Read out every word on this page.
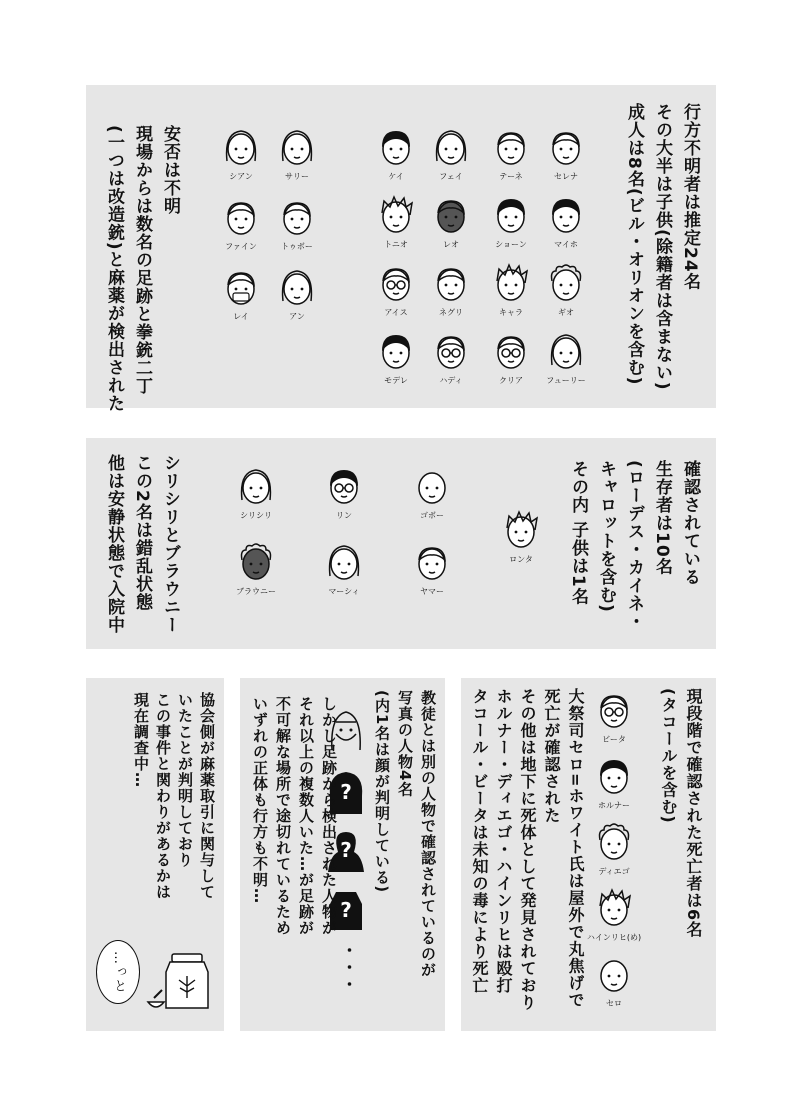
行方不明者は推定24名
その大半は子供(除籍者は含まない)
成人は8名(ビル・オリオンを含む)
安否は不明
現場からは数名の足跡と拳銃二丁
(一つは改造銃)と麻薬が検出された	ケイ	フェイ	テーネ	セレナ
トニオ	レオ	ショーン	マイホ
アイス	ネグリ	キャラ	ギオ
モデレ	ハディ	クリア	フューリー
シアン	サリー
ファイン	トゥボー
レイ	アン
確認されている
生存者は10名
(ローデス・カイネ・
キャロットを含む)
その内 子供は1名
シリシリとブラウニー
この2名は錯乱状態
他は安静状態で入院中	ロンタ
シリシリ	リン	ゴボー
ブラウニー	マーシィ	ヤマー
現段階で確認された死亡者は6名
(タコールを含む)
ビータ
ホルナー
ディエゴ
ハインリヒ(め)
セロ
大祭司セロ=ホワイト氏は屋外で丸焦げで
死亡が確認された
その他は地下に死体として発見されており
ホルナー・ディエゴ・ハインリヒは殴打
タコール・ビータは未知の毒により死亡
教徒とは別の人物で確認されているのが
写真の人物4名
(内1名は顔が判明している)
?
?
?
・・・
しかし足跡から検出された人物が
それ以上の複数人いた…が足跡が
不可解な場所で途切れているため
いずれの正体も行方も不明…
協会側が麻薬取引に関与して
いたことが判明しており
この事件と関わりがあるかは
現在調査中…
…っと
